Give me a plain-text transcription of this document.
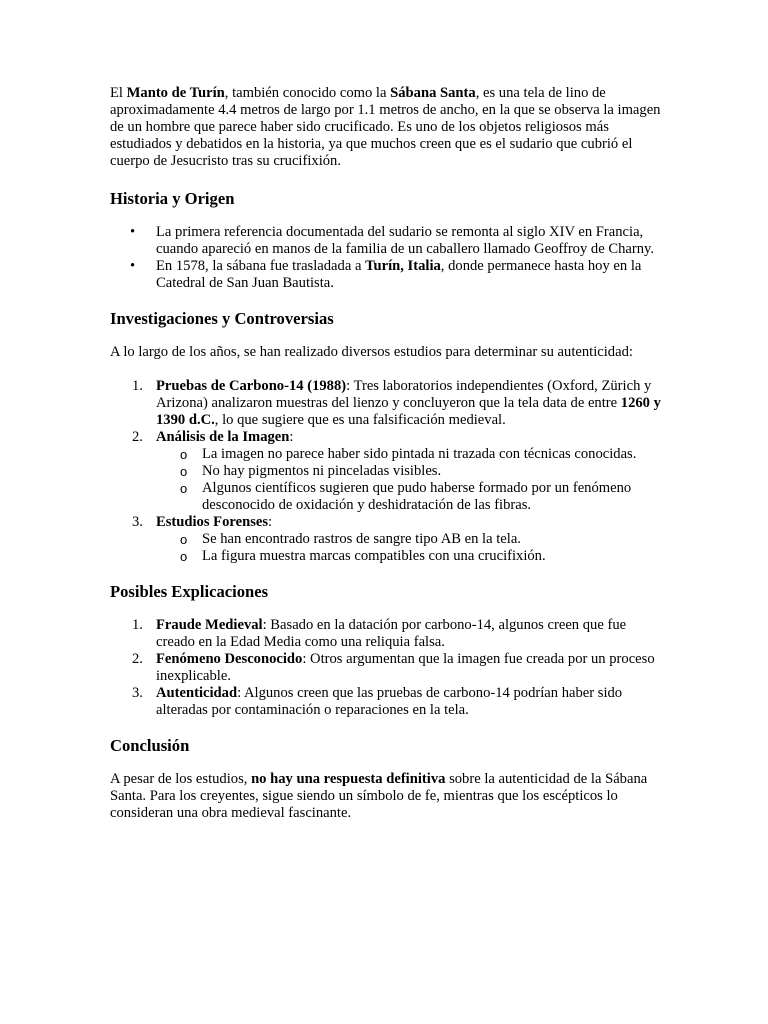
El Manto de Turín, también conocido como la Sábana Santa, es una tela de lino de aproximadamente 4.4 metros de largo por 1.1 metros de ancho, en la que se observa la imagen de un hombre que parece haber sido crucificado. Es uno de los objetos religiosos más estudiados y debatidos en la historia, ya que muchos creen que es el sudario que cubrió el cuerpo de Jesucristo tras su crucifixión.

Historia y Origen
• La primera referencia documentada del sudario se remonta al siglo XIV en Francia, cuando apareció en manos de la familia de un caballero llamado Geoffroy de Charny.
• En 1578, la sábana fue trasladada a Turín, Italia, donde permanece hasta hoy en la Catedral de San Juan Bautista.
Investigaciones y Controversias

A lo largo de los años, se han realizado diversos estudios para determinar su autenticidad:

1. Pruebas de Carbono-14 (1988): Tres laboratorios independientes (Oxford, Zürich y Arizona) analizaron muestras del lienzo y concluyeron que la tela data de entre 1260 y 1390 d.C., lo que sugiere que es una falsificación medieval.
2. Análisis de la Imagen:
o La imagen no parece haber sido pintada ni trazada con técnicas conocidas.
o No hay pigmentos ni pinceladas visibles.
o Algunos científicos sugieren que pudo haberse formado por un fenómeno desconocido de oxidación y deshidratación de las fibras.
3. Estudios Forenses:
o Se han encontrado rastros de sangre tipo AB en la tela.
o La figura muestra marcas compatibles con una crucifixión.
Posibles Explicaciones
1. Fraude Medieval: Basado en la datación por carbono-14, algunos creen que fue creado en la Edad Media como una reliquia falsa.
2. Fenómeno Desconocido: Otros argumentan que la imagen fue creada por un proceso inexplicable.
3. Autenticidad: Algunos creen que las pruebas de carbono-14 podrían haber sido alteradas por contaminación o reparaciones en la tela.
Conclusión

A pesar de los estudios, no hay una respuesta definitiva sobre la autenticidad de la Sábana Santa. Para los creyentes, sigue siendo un símbolo de fe, mientras que los escépticos lo consideran una obra medieval fascinante.
